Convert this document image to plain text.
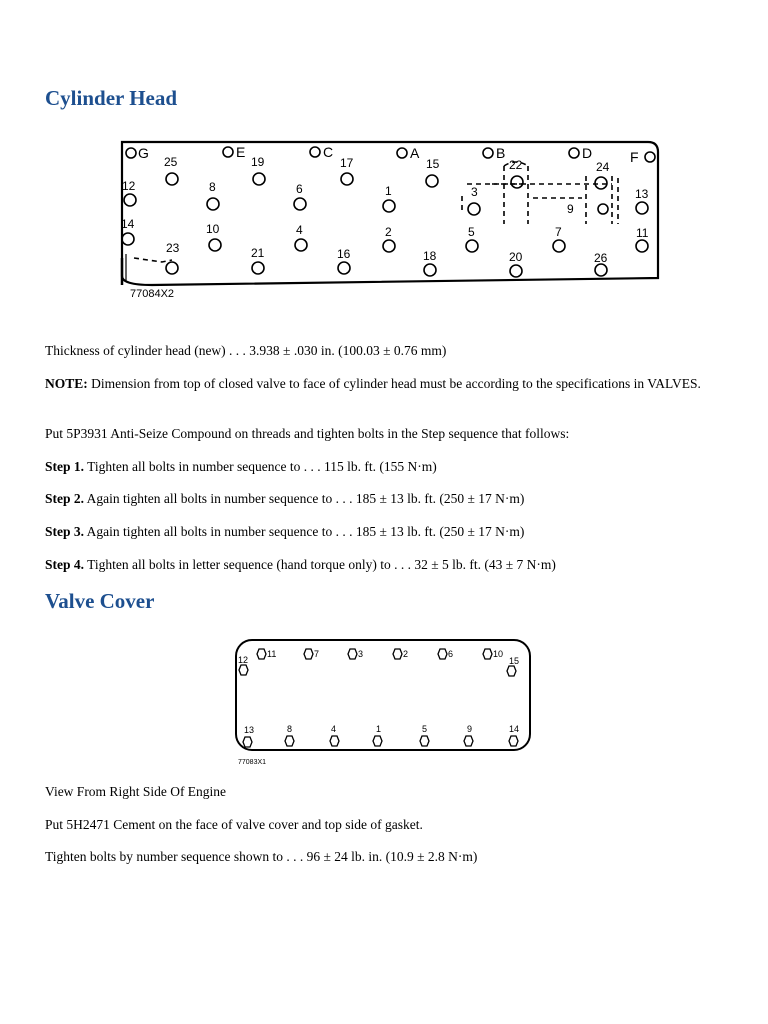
Cylinder Head
G	E	C	A	B	D	F
25	19	17	15	22	24
12	8	6	1	3
9
13
14	10	4	2	5	7	11
23	21	16	18	20	26
77084X2

Thickness of cylinder head (new) . . . 3.938 ± .030 in. (100.03 ± 0.76 mm)

NOTE: Dimension from top of closed valve to face of cylinder head must be according to the specifications in VALVES.

Put 5P3931 Anti-Seize Compound on threads and tighten bolts in the Step sequence that follows:

Step 1. Tighten all bolts in number sequence to . . . 115 lb. ft. (155 N·m)

Step 2. Again tighten all bolts in number sequence to . . . 185 ± 13 lb. ft. (250 ± 17 N·m)

Step 3. Again tighten all bolts in number sequence to . . . 185 ± 13 lb. ft. (250 ± 17 N·m)

Step 4. Tighten all bolts in letter sequence (hand torque only) to . . . 32 ± 5 lb. ft. (43 ± 7 N·m)

Valve Cover
11	7	3	2	6	10
12	15
13	8	4	1	5	9	14
77083X1

View From Right Side Of Engine

Put 5H2471 Cement on the face of valve cover and top side of gasket.

Tighten bolts by number sequence shown to . . . 96 ± 24 lb. in. (10.9 ± 2.8 N·m)
